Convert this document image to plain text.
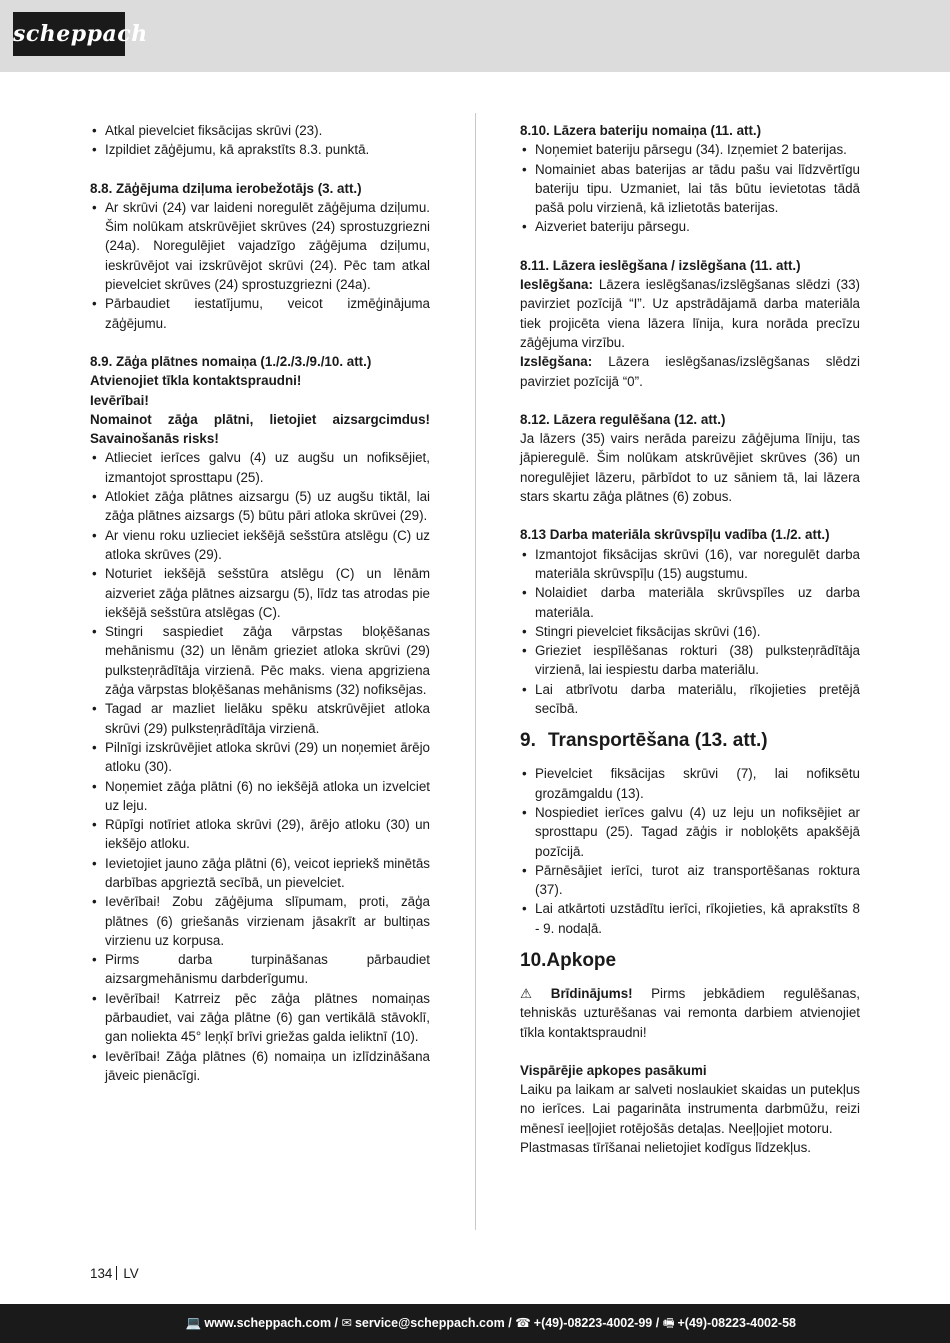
scheppach
• Atkal pievelciet fiksācijas skrūvi (23).
• Izpildiet zāģējumu, kā aprakstīts 8.3. punktā.
8.8. Zāģējuma dziļuma ierobežotājs (3. att.)
• Ar skrūvi (24) var laideni noregulēt zāģējuma dziļumu. Šim nolūkam atskrūvējiet skrūves (24) sprostuzgriezni (24a). Noregulējiet vajadzīgo zāģējuma dziļumu, ieskrūvējot vai izskrūvējot skrūvi (24). Pēc tam atkal pievelciet skrūves (24) sprostuzgriezni (24a).
• Pārbaudiet iestatījumu, veicot izmēģinājuma zāģējumu.
8.9. Zāģa plātnes nomaiņa (1./2./3./9./10. att.)
Atvienojiet tīkla kontaktspraudni!
Ievērībai!
Nomainot zāģa plātni, lietojiet aizsargcimdus! Savainošanās risks!
• Atlieciet ierīces galvu (4) uz augšu un nofiksējiet, izmantojot sprosttapu (25).
• Atlokiet zāģa plātnes aizsargu (5) uz augšu tiktāl, lai zāģa plātnes aizsargs (5) būtu pāri atloka skrūvei (29).
• Ar vienu roku uzlieciet iekšējā sešstūra atslēgu (C) uz atloka skrūves (29).
• Noturiet iekšējā sešstūra atslēgu (C) un lēnām aizveriet zāģa plātnes aizsargu (5), līdz tas atrodas pie iekšējā sešstūra atslēgas (C).
• Stingri saspiediet zāģa vārpstas bloķēšanas mehānismu (32) un lēnām grieziet atloka skrūvi (29) pulksteņrādītāja virzienā. Pēc maks. viena apgriziena zāģa vārpstas bloķēšanas mehānisms (32) nofiksējas.
• Tagad ar mazliet lielāku spēku atskrūvējiet atloka skrūvi (29) pulksteņrādītāja virzienā.
• Pilnīgi izskrūvējiet atloka skrūvi (29) un noņemiet ārējo atloku (30).
• Noņemiet zāģa plātni (6) no iekšējā atloka un izvelciet uz leju.
• Rūpīgi notīriet atloka skrūvi (29), ārējo atloku (30) un iekšējo atloku.
• Ievietojiet jauno zāģa plātni (6), veicot iepriekš minētās darbības apgrieztā secībā, un pievelciet.
• Ievērībai! Zobu zāģējuma slīpumam, proti, zāģa plātnes (6) griešanās virzienam jāsakrīt ar bultiņas virzienu uz korpusa.
• Pirms darba turpināšanas pārbaudiet aizsargmehānismu darbderīgumu.
• Ievērībai! Katrreiz pēc zāģa plātnes nomaiņas pārbaudiet, vai zāģa plātne (6) gan vertikālā stāvoklī, gan noliekta 45° leņķī brīvi griežas galda ieliktnī (10).
• Ievērībai! Zāģa plātnes (6) nomaiņa un izlīdzināšana jāveic pienācīgi.
8.10. Lāzera bateriju nomaiņa (11. att.)
• Noņemiet bateriju pārsegu (34). Izņemiet 2 baterijas.
• Nomainiet abas baterijas ar tādu pašu vai līdzvērtīgu bateriju tipu. Uzmaniet, lai tās būtu ievietotas tādā pašā polu virzienā, kā izlietotās baterijas.
• Aizveriet bateriju pārsegu.
8.11. Lāzera ieslēgšana / izslēgšana (11. att.)

Ieslēgšana: Lāzera ieslēgšanas/izslēgšanas slēdzi (33) pavirziet pozīcijā “I”. Uz apstrādājamā darba materiāla tiek projicēta viena lāzera līnija, kura norāda precīzu zāģējuma virzību.

Izslēgšana: Lāzera ieslēgšanas/izslēgšanas slēdzi pavirziet pozīcijā “0”.

8.12. Lāzera regulēšana (12. att.)

Ja lāzers (35) vairs nerāda pareizu zāģējuma līniju, tas jāpieregulē. Šim nolūkam atskrūvējiet skrūves (36) un noregulējiet lāzeru, pārbīdot to uz sāniem tā, lai lāzera stars skartu zāģa plātnes (6) zobus.

8.13 Darba materiāla skrūvspīļu vadība (1./2. att.)
• Izmantojot fiksācijas skrūvi (16), var noregulēt darba materiāla skrūvspīļu (15) augstumu.
• Nolaidiet darba materiāla skrūvspīles uz darba materiāla.
• Stingri pievelciet fiksācijas skrūvi (16).
• Grieziet iespīlēšanas rokturi (38) pulksteņrādītāja virzienā, lai iespiestu darba materiālu.
• Lai atbrīvotu darba materiālu, rīkojieties pretējā secībā.
9. Transportēšana (13. att.)
• Pievelciet fiksācijas skrūvi (7), lai nofiksētu grozāmgaldu (13).
• Nospiediet ierīces galvu (4) uz leju un nofiksējiet ar sprosttapu (25). Tagad zāģis ir nobloķēts apakšējā pozīcijā.
• Pārnēsājiet ierīci, turot aiz transportēšanas rokturа (37).
• Lai atkārtoti uzstādītu ierīci, rīkojieties, kā aprakstīts 8 - 9. nodaļā.
10.Apkope

⚠ Brīdinājums! Pirms jebkādiem regulēšanas, tehniskās uzturēšanas vai remonta darbiem atvienojiet tīkla kontaktspraudni!

Vispārējie apkopes pasākumi

Laiku pa laikam ar salveti noslaukiet skaidas un putekļus no ierīces. Lai pagarināta instrumenta darbmūžu, reizi mēnesī ieeļļojiet rotējošās detaļas. Neeļļojiet motoru.

Plastmasas tīrīšanai nelietojiet kodīgus līdzekļus.

134 LV
💻 www.scheppach.com / ✉ service@scheppach.com / ☎ +(49)-08223-4002-99 / 🖷 +(49)-08223-4002-58
